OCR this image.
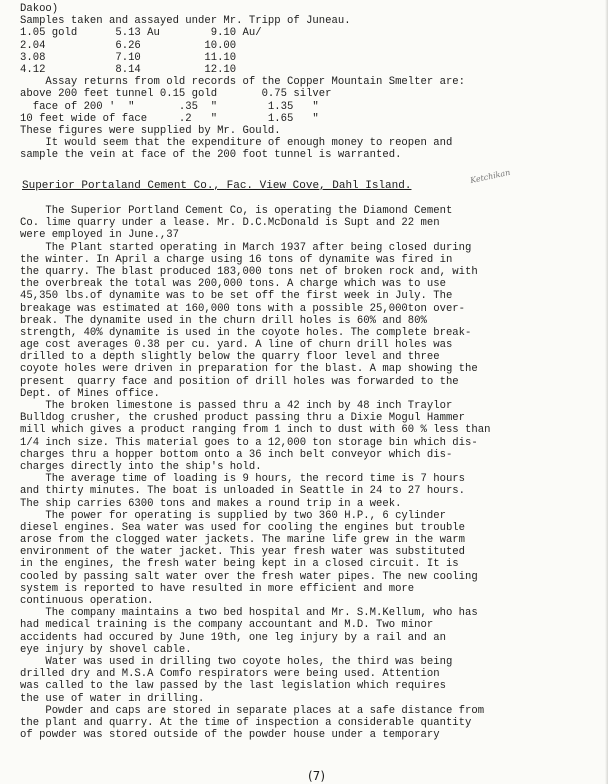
Dakoo)
Samples taken and assayed under Mr. Tripp of Juneau.
1.05 gold      5.13 Au        9.10 Au/
2.04           6.26          10.00
3.08           7.10          11.10
4.12           8.14          12.10
Assay returns from old records of the Copper Mountain Smelter are:
above 200 feet tunnel 0.15 gold       0.75 silver
face of 200 '  "       .35  "        1.35   "
10 feet wide of face     .2   "        1.65   "
These figures were supplied by Mr. Gould.
It would seem that the expenditure of enough money to reopen and
sample the vein at face of the 200 foot tunnel is warranted.
Superior Portaland Cement Co., Fac. View Cove, Dahl Island.
Ketchikan
The Superior Portland Cement Co, is operating the Diamond Cement
Co. lime quarry under a lease. Mr. D.C.McDonald is Supt and 22 men
were employed in June.,37
The Plant started operating in March 1937 after being closed during
the winter. In April a charge using 16 tons of dynamite was fired in
the quarry. The blast produced 183,000 tons net of broken rock and, with
the overbreak the total was 200,000 tons. A charge which was to use
45,350 lbs.of dynamite was to be set off the first week in July. The
breakage was estimated at 160,000 tons with a possible 25,000ton over-
break. The dynamite used in the churn drill holes is 60% and 80%
strength, 40% dynamite is used in the coyote holes. The complete break-
age cost averages 0.38 per cu. yard. A line of churn drill holes was
drilled to a depth slightly below the quarry floor level and three
coyote holes were driven in preparation for the blast. A map showing the
present  quarry face and position of drill holes was forwarded to the
Dept. of Mines office.
The broken limestone is passed thru a 42 inch by 48 inch Traylor
Bulldog crusher, the crushed product passing thru a Dixie Mogul Hammer
mill which gives a product ranging from 1 inch to dust with 60 % less than
1/4 inch size. This material goes to a 12,000 ton storage bin which dis-
charges thru a hopper bottom onto a 36 inch belt conveyor which dis-
charges directly into the ship's hold.
The average time of loading is 9 hours, the record time is 7 hours
and thirty minutes. The boat is unloaded in Seattle in 24 to 27 hours.
The ship carries 6300 tons and makes a round trip in a week.
The power for operating is supplied by two 360 H.P., 6 cylinder
diesel engines. Sea water was used for cooling the engines but trouble
arose from the clogged water jackets. The marine life grew in the warm
environment of the water jacket. This year fresh water was substituted
in the engines, the fresh water being kept in a closed circuit. It is
cooled by passing salt water over the fresh water pipes. The new cooling
system is reported to have resulted in more efficient and more
continuous operation.
The company maintains a two bed hospital and Mr. S.M.Kellum, who has
had medical training is the company accountant and M.D. Two minor
accidents had occured by June 19th, one leg injury by a rail and an
eye injury by shovel cable.
Water was used in drilling two coyote holes, the third was being
drilled dry and M.S.A Comfo respirators were being used. Attention
was called to the law passed by the last legislation which requires
the use of water in drilling.
Powder and caps are stored in separate places at a safe distance from
the plant and quarry. At the time of inspection a considerable quantity
of powder was stored outside of the powder house under a temporary
(7)
